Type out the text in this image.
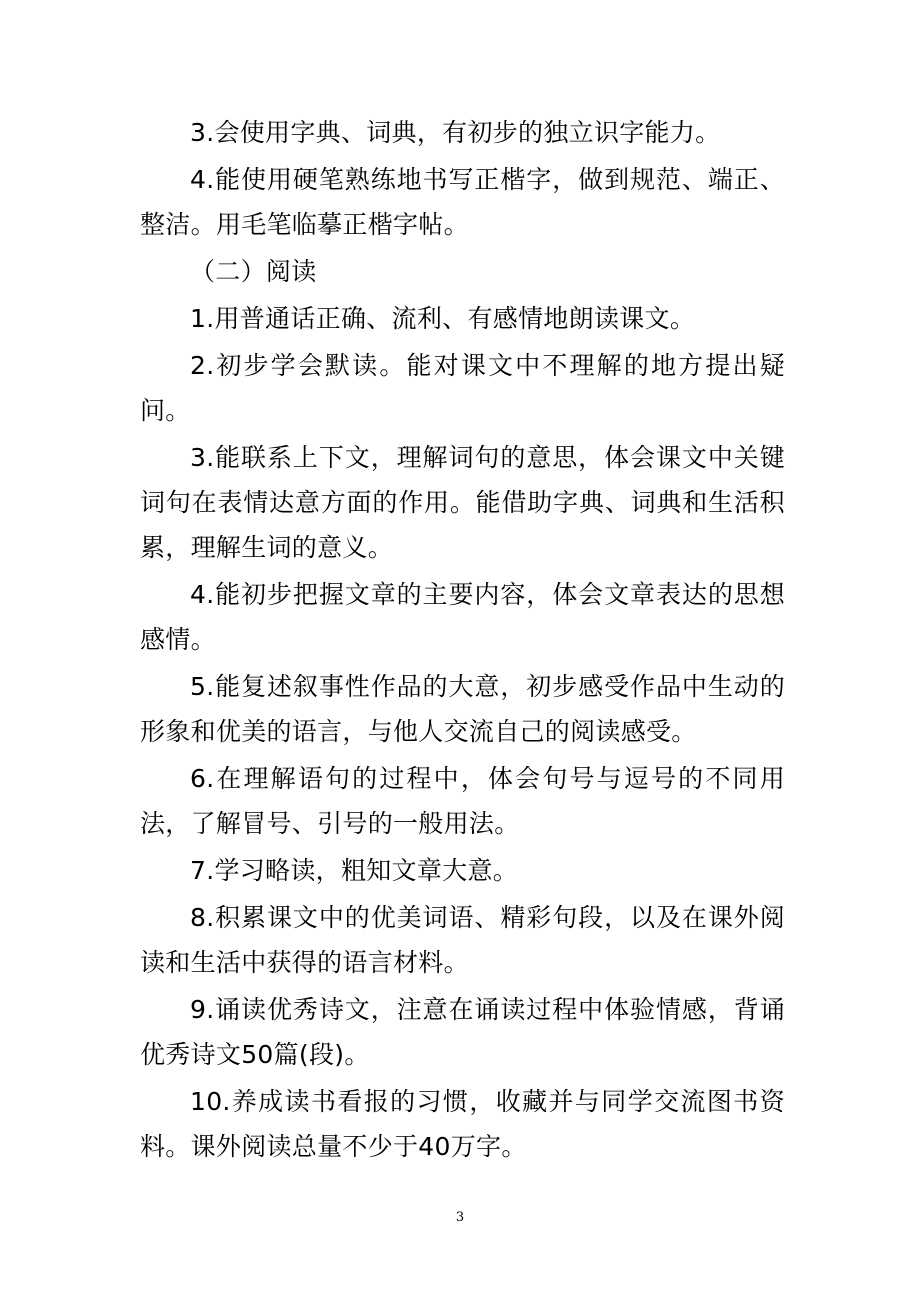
3.会使用字典、词典，有初步的独立识字能力。

4.能使用硬笔熟练地书写正楷字，做到规范、端正、整洁。用毛笔临摹正楷字帖。

（二）阅读

1.用普通话正确、流利、有感情地朗读课文。

2.初步学会默读。能对课文中不理解的地方提出疑问。

3.能联系上下文，理解词句的意思，体会课文中关键词句在表情达意方面的作用。能借助字典、词典和生活积累，理解生词的意义。

4.能初步把握文章的主要内容，体会文章表达的思想感情。

5.能复述叙事性作品的大意，初步感受作品中生动的形象和优美的语言，与他人交流自己的阅读感受。

6.在理解语句的过程中，体会句号与逗号的不同用法，了解冒号、引号的一般用法。

7.学习略读，粗知文章大意。

8.积累课文中的优美词语、精彩句段，以及在课外阅读和生活中获得的语言材料。

9.诵读优秀诗文，注意在诵读过程中体验情感，背诵优秀诗文50篇(段)。

10.养成读书看报的习惯，收藏并与同学交流图书资料。课外阅读总量不少于40万字。

3
